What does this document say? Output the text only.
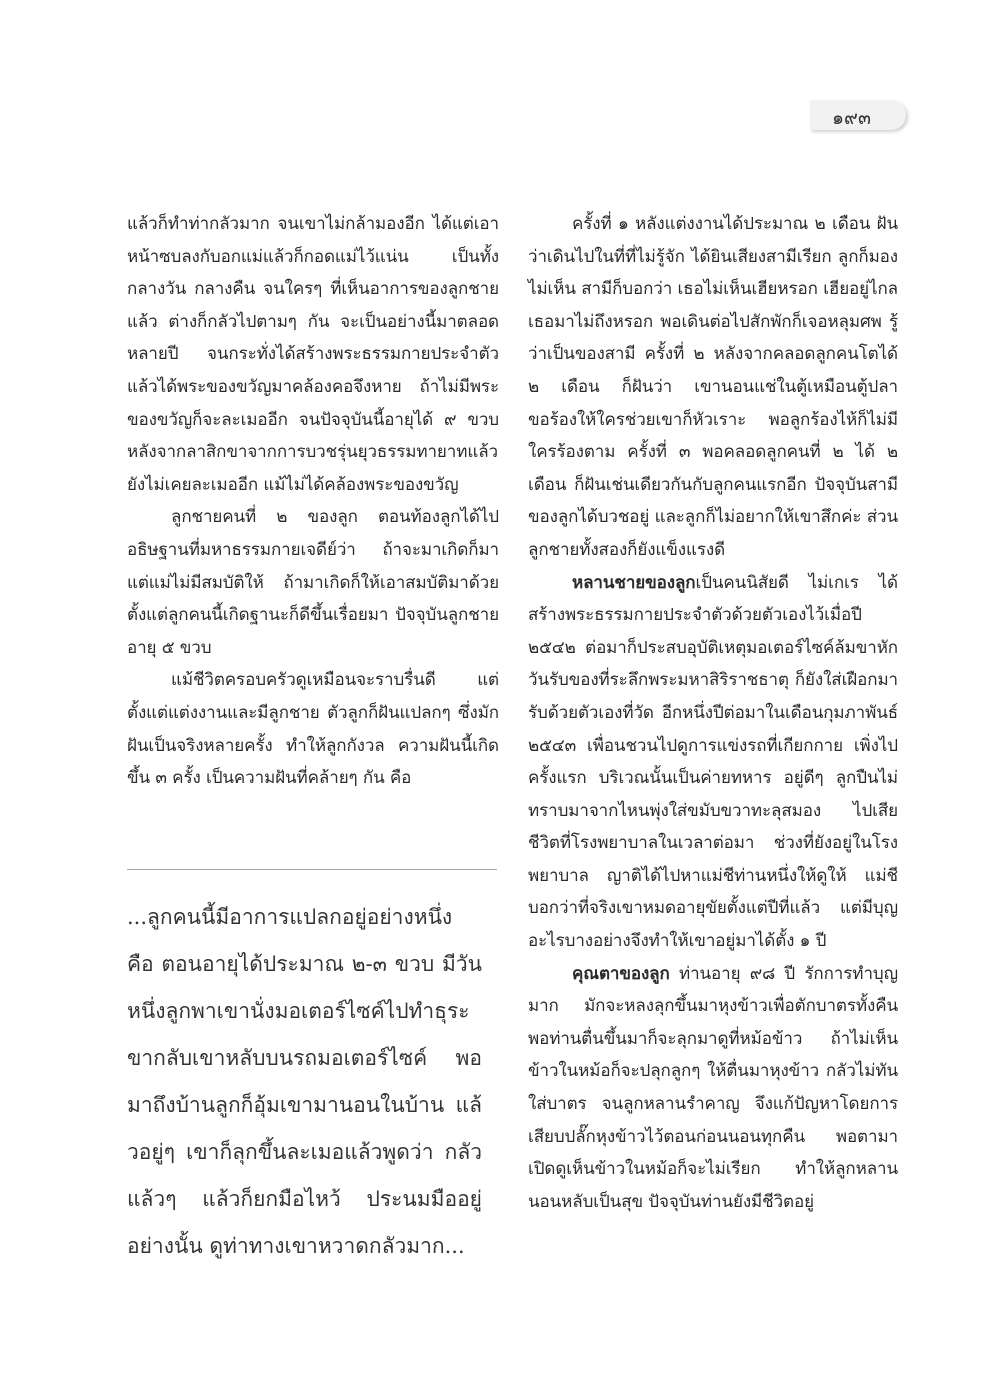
๑๙๓

แล้วก็ทำท่ากลัวมาก จนเขาไม่กล้ามองอีก ได้แต่เอาหน้าซบลงกับอกแม่แล้วก็กอดแม่ไว้แน่น เป็นทั้งกลางวัน กลางคืน จนใครๆ ที่เห็นอาการของลูกชายแล้ว ต่างก็กลัวไปตามๆ กัน จะเป็นอย่างนี้มาตลอดหลายปี จนกระทั่งได้สร้างพระธรรมกายประจำตัว แล้วได้พระของขวัญมาคล้องคอจึงหาย ถ้าไม่มีพระของขวัญก็จะละเมออีก จนปัจจุบันนี้อายุได้ ๙ ขวบ หลังจากลาสิกขาจากการบวชรุ่นยุวธรรมทายาทแล้ว ยังไม่เคยละเมออีก แม้ไม่ได้คล้องพระของขวัญ

ลูกชายคนที่ ๒ ของลูก ตอนท้องลูกได้ไปอธิษฐานที่มหาธรรมกายเจดีย์ว่า ถ้าจะมาเกิดก็มา แต่แม่ไม่มีสมบัติให้ ถ้ามาเกิดก็ให้เอาสมบัติมาด้วย ตั้งแต่ลูกคนนี้เกิดฐานะก็ดีขึ้นเรื่อยมา ปัจจุบันลูกชายอายุ ๕ ขวบ

แม้ชีวิตครอบครัวดูเหมือนจะราบรื่นดี แต่ตั้งแต่แต่งงานและมีลูกชาย ตัวลูกก็ฝันแปลกๆ ซึ่งมักฝันเป็นจริงหลายครั้ง ทำให้ลูกกังวล ความฝันนี้เกิดขึ้น ๓ ครั้ง เป็นความฝันที่คล้ายๆ กัน คือ

...ลูกคนนี้มีอาการแปลกอยู่อย่างหนึ่ง คือ ตอนอายุได้ประมาณ ๒-๓ ขวบ มีวันหนึ่งลูกพาเขานั่งมอเตอร์ไซค์ไปทำธุระ ขากลับเขาหลับบนรถมอเตอร์ไซค์ พอมาถึงบ้านลูกก็อุ้มเขามานอนในบ้าน แล้วอยู่ๆ เขาก็ลุกขึ้นละเมอแล้วพูดว่า กลัวแล้วๆ แล้วก็ยกมือไหว้ ประนมมืออยู่อย่างนั้น ดูท่าทางเขาหวาดกลัวมาก...

ครั้งที่ ๑ หลังแต่งงานได้ประมาณ ๒ เดือน ฝันว่าเดินไปในที่ที่ไม่รู้จัก ได้ยินเสียงสามีเรียก ลูกก็มองไม่เห็น สามีก็บอกว่า เธอไม่เห็นเฮียหรอก เฮียอยู่ไกล เธอมาไม่ถึงหรอก พอเดินต่อไปสักพักก็เจอหลุมศพ รู้ว่าเป็นของสามี ครั้งที่ ๒ หลังจากคลอดลูกคนโตได้ ๒ เดือน ก็ฝันว่า เขานอนแช่ในตู้เหมือนตู้ปลา ขอร้องให้ใครช่วยเขาก็หัวเราะ พอลูกร้องไห้ก็ไม่มีใครร้องตาม ครั้งที่ ๓ พอคลอดลูกคนที่ ๒ ได้ ๒ เดือน ก็ฝันเช่นเดียวกันกับลูกคนแรกอีก ปัจจุบันสามีของลูกได้บวชอยู่ และลูกก็ไม่อยากให้เขาสึกค่ะ ส่วนลูกชายทั้งสองก็ยังแข็งแรงดี

หลานชายของลูกเป็นคนนิสัยดี ไม่เกเร ได้สร้างพระธรรมกายประจำตัวด้วยตัวเองไว้เมื่อปี ๒๕๔๒ ต่อมาก็ประสบอุบัติเหตุมอเตอร์ไซค์ล้มขาหัก วันรับของที่ระลึกพระมหาสิริราชธาตุ ก็ยังใส่เฝือกมารับด้วยตัวเองที่วัด อีกหนึ่งปีต่อมาในเดือนกุมภาพันธ์ ๒๕๔๓ เพื่อนชวนไปดูการแข่งรถที่เกียกกาย เพิ่งไปครั้งแรก บริเวณนั้นเป็นค่ายทหาร อยู่ดีๆ ลูกปืนไม่ทราบมาจากไหนพุ่งใส่ขมับขวาทะลุสมอง ไปเสียชีวิตที่โรงพยาบาลในเวลาต่อมา ช่วงที่ยังอยู่ในโรงพยาบาล ญาติได้ไปหาแม่ชีท่านหนึ่งให้ดูให้ แม่ชีบอกว่าที่จริงเขาหมดอายุขัยตั้งแต่ปีที่แล้ว แต่มีบุญอะไรบางอย่างจึงทำให้เขาอยู่มาได้ตั้ง ๑ ปี

คุณตาของลูก ท่านอายุ ๙๘ ปี รักการทำบุญมาก มักจะหลงลุกขึ้นมาหุงข้าวเพื่อตักบาตรทั้งคืน พอท่านตื่นขึ้นมาก็จะลุกมาดูที่หม้อข้าว ถ้าไม่เห็นข้าวในหม้อก็จะปลุกลูกๆ ให้ตื่นมาหุงข้าว กลัวไม่ทันใส่บาตร จนลูกหลานรำคาญ จึงแก้ปัญหาโดยการเสียบปลั๊กหุงข้าวไว้ตอนก่อนนอนทุกคืน พอตามาเปิดดูเห็นข้าวในหม้อก็จะไม่เรียก ทำให้ลูกหลานนอนหลับเป็นสุข ปัจจุบันท่านยังมีชีวิตอยู่
